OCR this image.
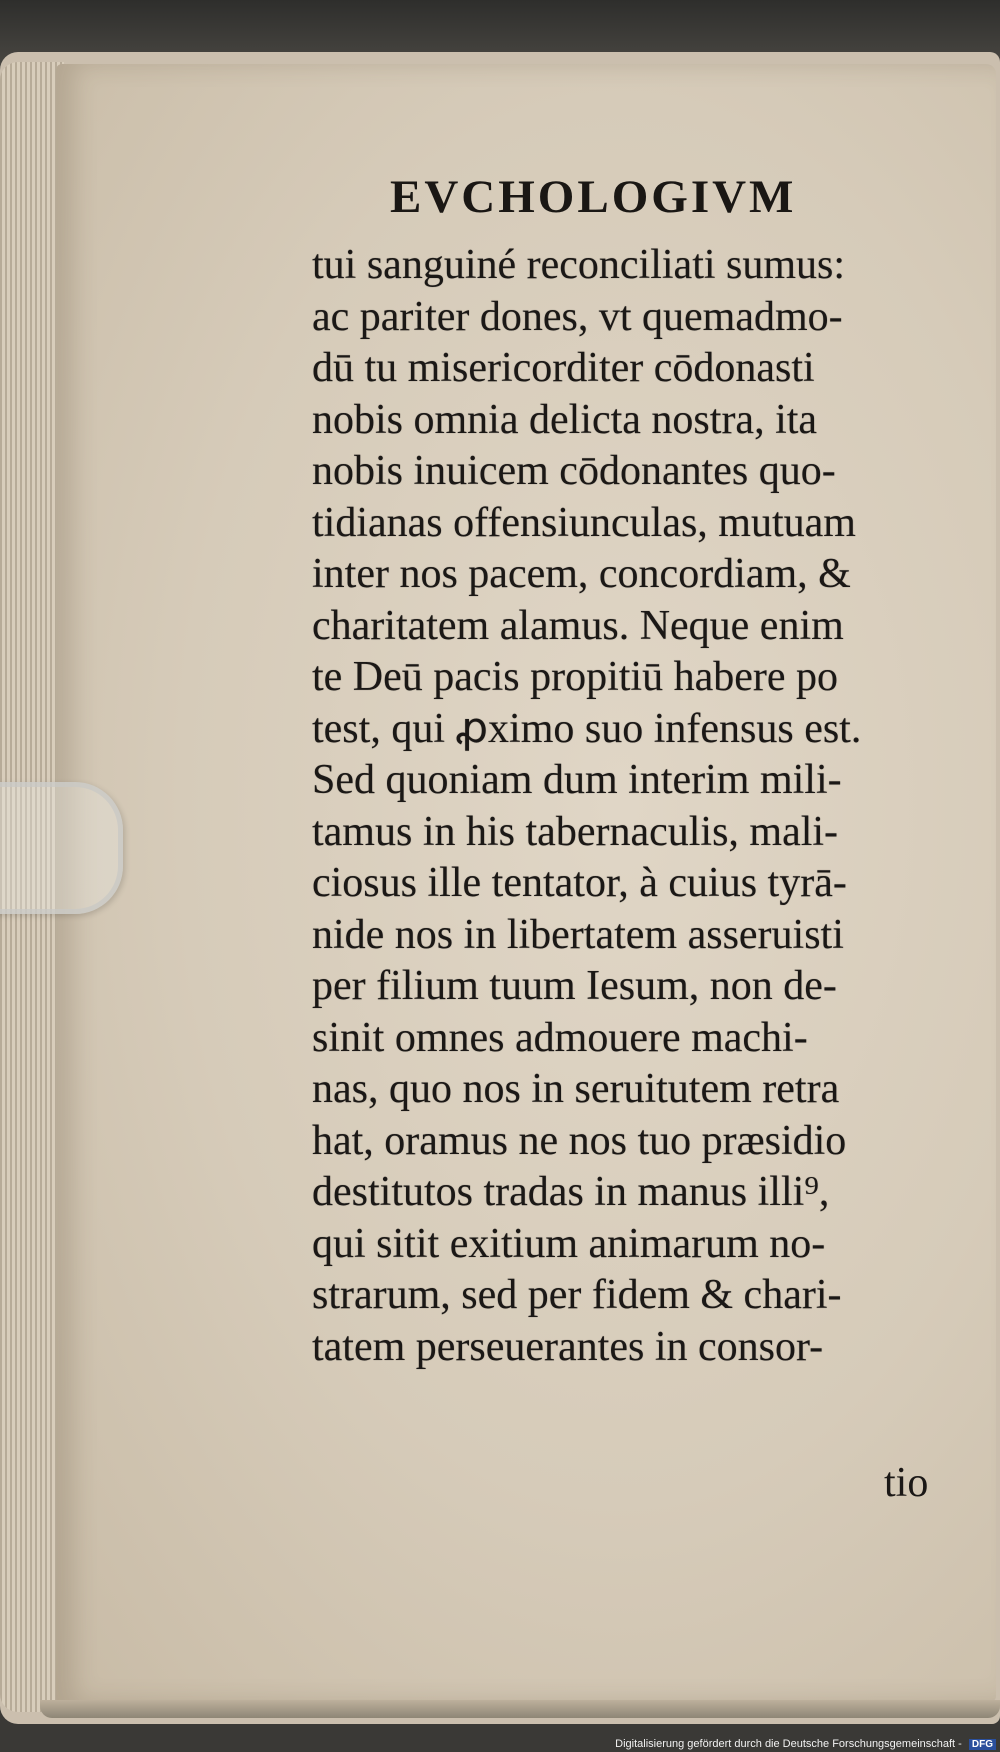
EVCHOLOGIVM
tui sanguiné reconciliati sumus:
ac pariter dones, vt quemadmo-
dū tu misericorditer cōdonasti
nobis omnia delicta nostra, ita
nobis inuicem cōdonantes quo-
tidianas offensiunculas, mutuam
inter nos pacem, concordiam, &
charitatem alamus. Neque enim
te Deū pacis propitiū habere po
test, qui ꝓximo suo infensus est.
Sed quoniam dum interim mili-
tamus in his tabernaculis, mali-
ciosus ille tentator, à cuius tyrā-
nide nos in libertatem asseruisti
per filium tuum Iesum, non de-
sinit omnes admouere machi-
nas, quo nos in seruitutem retra
hat, oramus ne nos tuo præsidio
destitutos tradas in manus illi⁹,
qui sitit exitium animarum no-
strarum, sed per fidem & chari-
tatem perseuerantes in consor-
tio
Digitalisierung gefördert durch die Deutsche Forschungsgemeinschaft - DFG
